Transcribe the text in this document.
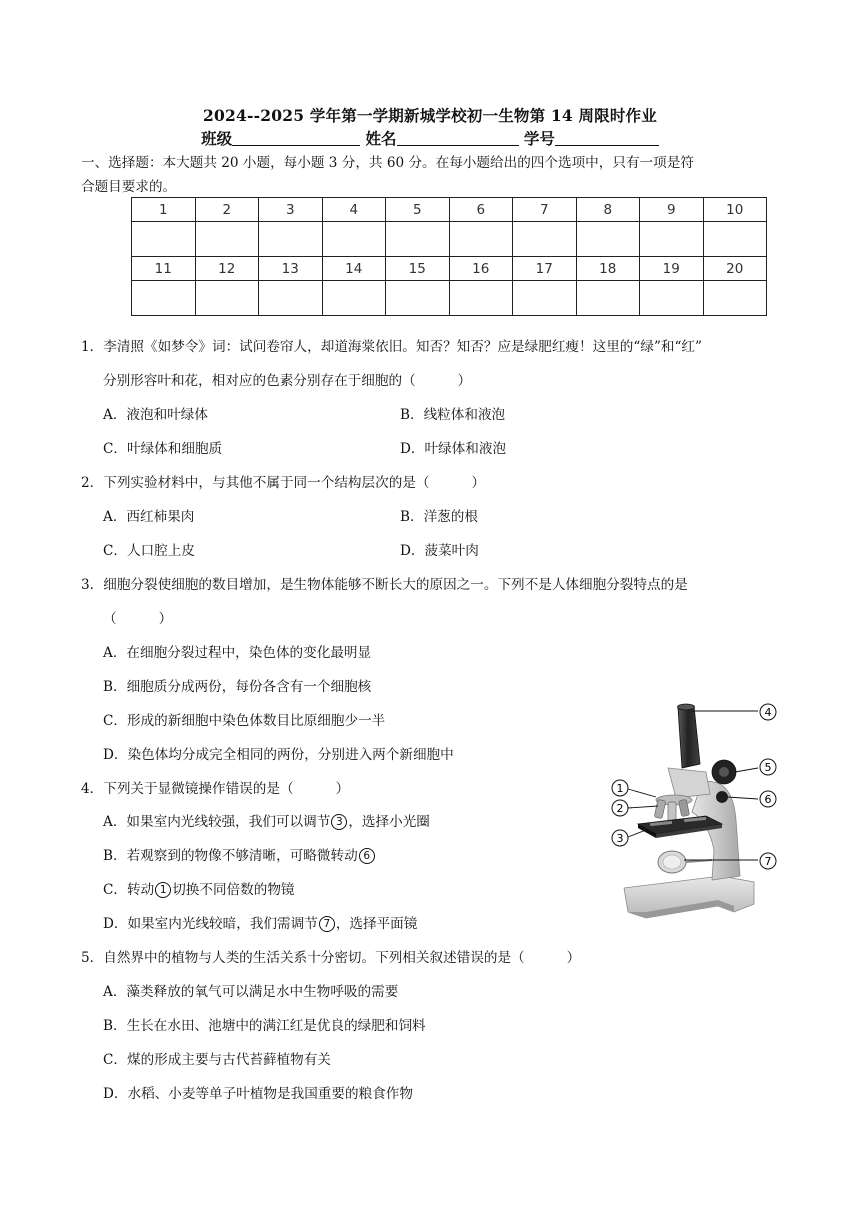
2024--2025 学年第一学期新城学校初一生物第 14 周限时作业
班级	姓名	学号
一、选择题：本大题共 20 小题，每小题 3 分，共 60 分。在每小题给出的四个选项中，只有一项是符
合题目要求的。
1	2	3	4	5	6	7	8	9	10

11	12	13	14	15	16	17	18	19	20

1．李清照《如梦令》词：试问卷帘人，却道海棠依旧。知否？知否？应是绿肥红瘦！这里的“绿”和“红”
分别形容叶和花，相对应的色素分别存在于细胞的（	）
A．液泡和叶绿体	B．线粒体和液泡
C．叶绿体和细胞质	D．叶绿体和液泡
2．下列实验材料中，与其他不属于同一个结构层次的是（	）
A．西红柿果肉	B．洋葱的根
C．人口腔上皮	D．菠菜叶肉
3．细胞分裂使细胞的数目增加，是生物体能够不断长大的原因之一。下列不是人体细胞分裂特点的是
（	）
A．在细胞分裂过程中，染色体的变化最明显
B．细胞质分成两份，每份各含有一个细胞核
C．形成的新细胞中染色体数目比原细胞少一半
D．染色体均分成完全相同的两份，分别进入两个新细胞中
4．下列关于显微镜操作错误的是（	）
A．如果室内光线较强，我们可以调节 3 ，选择小光圈
B．若观察到的物像不够清晰，可略微转动 6
C．转动 1 切换不同倍数的物镜
D．如果室内光线较暗，我们需调节 7 ，选择平面镜
5．自然界中的植物与人类的生活关系十分密切。下列相关叙述错误的是（	）
A．藻类释放的氧气可以满足水中生物呼吸的需要
B．生长在水田、池塘中的满江红是优良的绿肥和饲料
C．煤的形成主要与古代苔藓植物有关
D．水稻、小麦等单子叶植物是我国重要的粮食作物
4
5
6
1
2
3
7
